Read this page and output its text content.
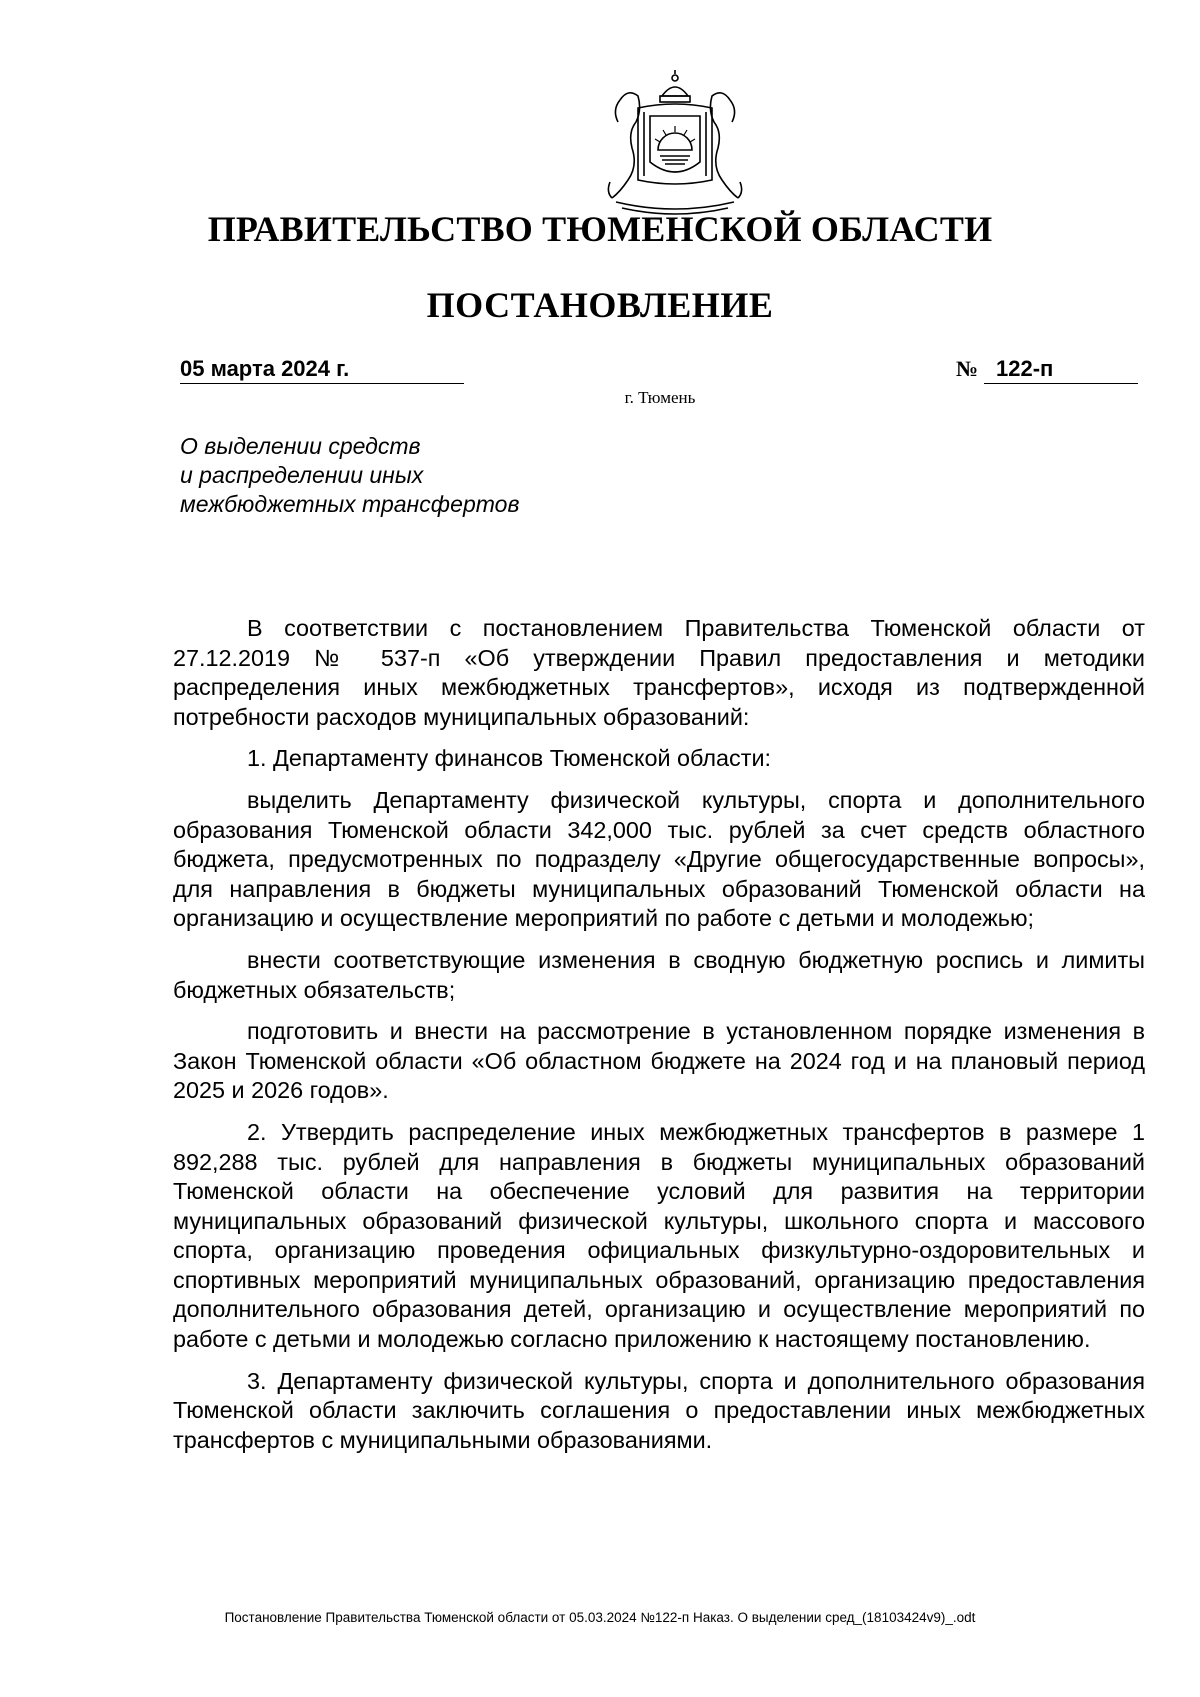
ПРАВИТЕЛЬСТВО ТЮМЕНСКОЙ ОБЛАСТИ
ПОСТАНОВЛЕНИЕ
05 марта 2024 г.	№ 122-п
г. Тюмень
О выделении средств
и распределении иных
межбюджетных трансфертов

В соответствии с постановлением Правительства Тюменской области от 27.12.2019 № 537-п «Об утверждении Правил предоставления и методики распределения иных межбюджетных трансфертов», исходя из подтвержденной потребности расходов муниципальных образований:

1. Департаменту финансов Тюменской области:

выделить Департаменту физической культуры, спорта и дополнительного образования Тюменской области 342,000 тыс. рублей за счет средств областного бюджета, предусмотренных по подразделу «Другие общегосударственные вопросы», для направления в бюджеты муниципальных образований Тюменской области на организацию и осуществление мероприятий по работе с детьми и молодежью;

внести соответствующие изменения в сводную бюджетную роспись и лимиты бюджетных обязательств;

подготовить и внести на рассмотрение в установленном порядке изменения в Закон Тюменской области «Об областном бюджете на 2024 год и на плановый период 2025 и 2026 годов».

2. Утвердить распределение иных межбюджетных трансфертов в размере 1 892,288 тыс. рублей для направления в бюджеты муниципальных образований Тюменской области на обеспечение условий для развития на территории муниципальных образований физической культуры, школьного спорта и массового спорта, организацию проведения официальных физкультурно-оздоровительных и спортивных мероприятий муниципальных образований, организацию предоставления дополнительного образования детей, организацию и осуществление мероприятий по работе с детьми и молодежью согласно приложению к настоящему постановлению.

3. Департаменту физической культуры, спорта и дополнительного образования Тюменской области заключить соглашения о предоставлении иных межбюджетных трансфертов с муниципальными образованиями.

Постановление Правительства Тюменской области от 05.03.2024 №122-п Наказ. О выделении сред_(18103424v9)_.odt
